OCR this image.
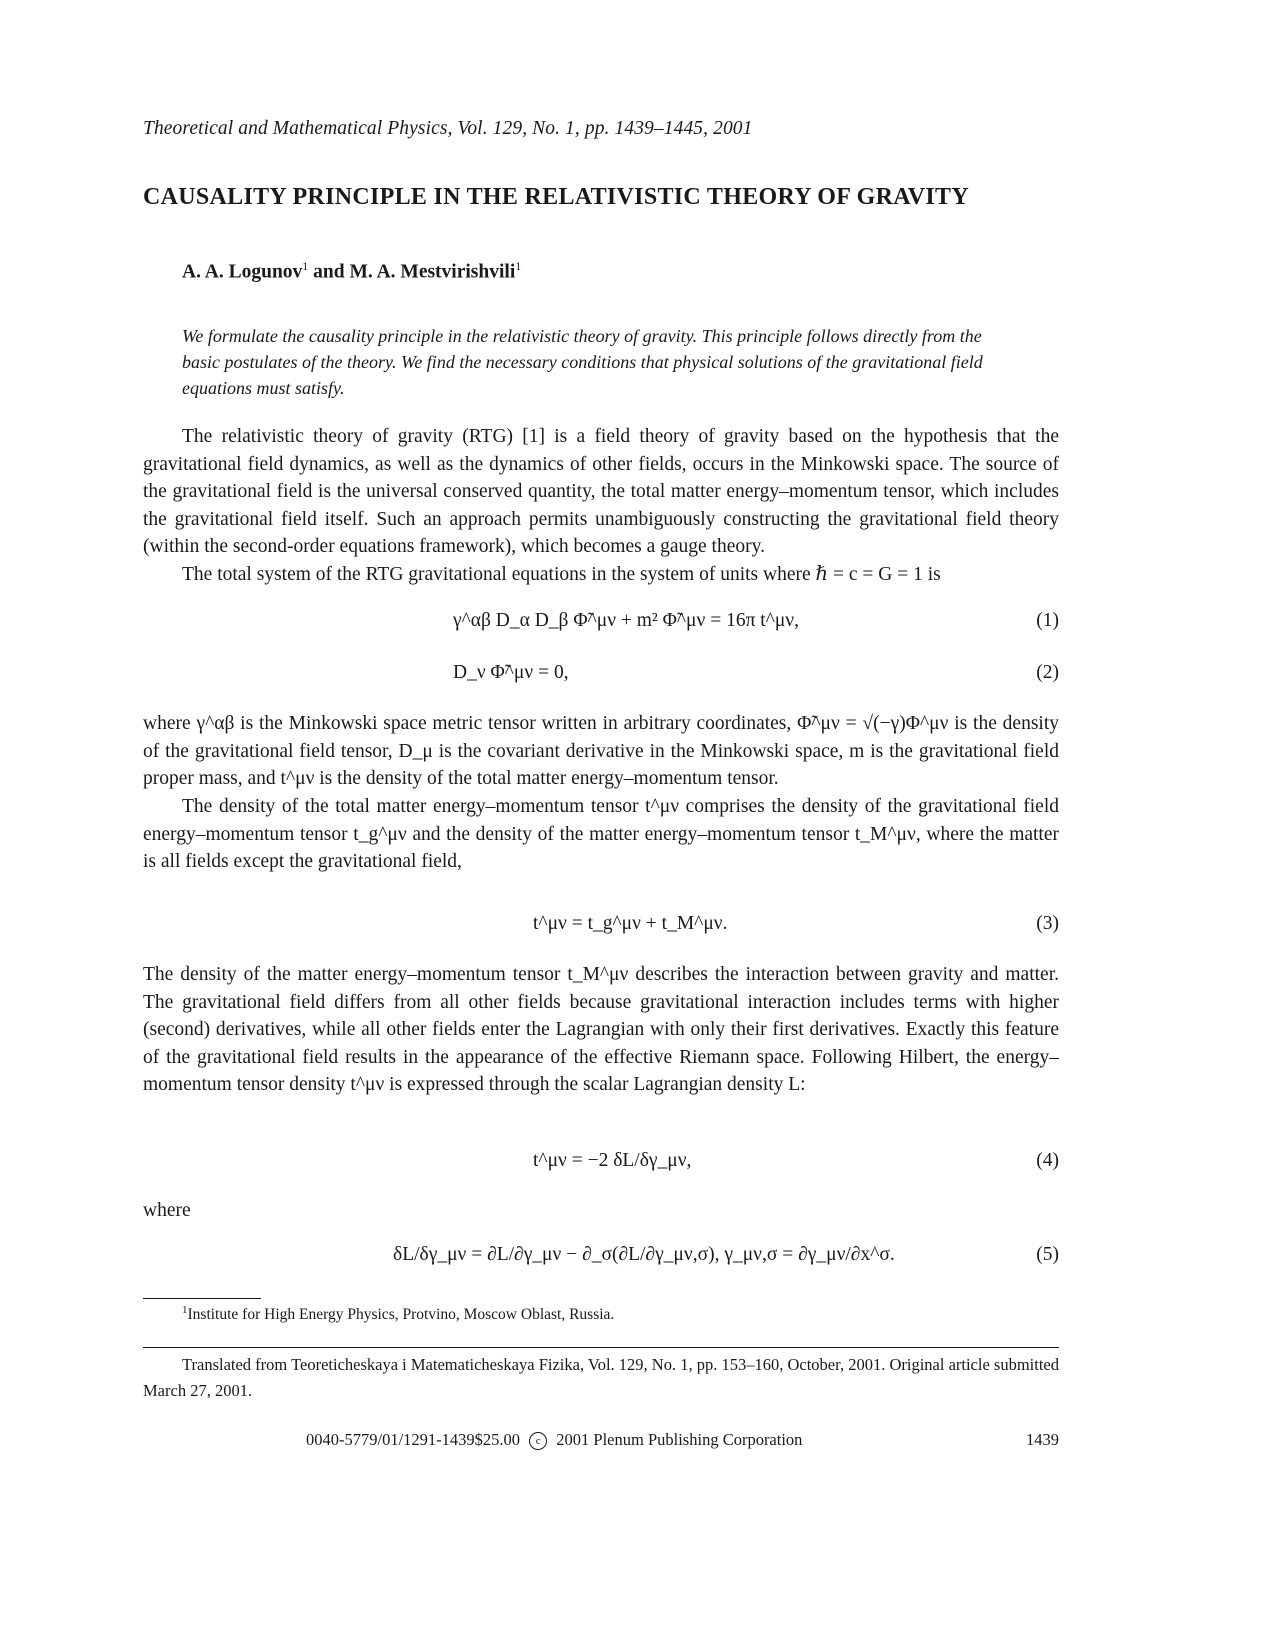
Theoretical and Mathematical Physics, Vol. 129, No. 1, pp. 1439–1445, 2001
CAUSALITY PRINCIPLE IN THE RELATIVISTIC THEORY OF GRAVITY
A. A. Logunov$^1$ and M. A. Mestvirishvili$^1$
We formulate the causality principle in the relativistic theory of gravity. This principle follows directly from the basic postulates of the theory. We find the necessary conditions that physical solutions of the gravitational field equations must satisfy.
The relativistic theory of gravity (RTG) [1] is a field theory of gravity based on the hypothesis that the gravitational field dynamics, as well as the dynamics of other fields, occurs in the Minkowski space. The source of the gravitational field is the universal conserved quantity, the total matter energy–momentum tensor, which includes the gravitational field itself. Such an approach permits unambiguously constructing the gravitational field theory (within the second-order equations framework), which becomes a gauge theory.
The total system of the RTG gravitational equations in the system of units where ℏ = c = G = 1 is
γ^αβ D_α D_β Φ̃^μν + m² Φ̃^μν = 16π t^μν,	(1)
D_ν Φ̃^μν = 0,	(2)
where γ^αβ is the Minkowski space metric tensor written in arbitrary coordinates, Φ̃^μν = √(−γ)Φ^μν is the density of the gravitational field tensor, D_μ is the covariant derivative in the Minkowski space, m is the gravitational field proper mass, and t^μν is the density of the total matter energy–momentum tensor.
The density of the total matter energy–momentum tensor t^μν comprises the density of the gravitational field energy–momentum tensor t_g^μν and the density of the matter energy–momentum tensor t_M^μν, where the matter is all fields except the gravitational field,
t^μν = t_g^μν + t_M^μν.	(3)
The density of the matter energy–momentum tensor t_M^μν describes the interaction between gravity and matter. The gravitational field differs from all other fields because gravitational interaction includes terms with higher (second) derivatives, while all other fields enter the Lagrangian with only their first derivatives. Exactly this feature of the gravitational field results in the appearance of the effective Riemann space. Following Hilbert, the energy–momentum tensor density t^μν is expressed through the scalar Lagrangian density L:
t^μν = −2 δL/δγ_μν,	(4)
where
δL/δγ_μν = ∂L/∂γ_μν − ∂_σ(∂L/∂γ_μν,σ), γ_μν,σ = ∂γ_μν/∂x^σ.	(5)
$^1$Institute for High Energy Physics, Protvino, Moscow Oblast, Russia.
Translated from Teoreticheskaya i Matematicheskaya Fizika, Vol. 129, No. 1, pp. 153–160, October, 2001. Original article submitted March 27, 2001.
0040-5779/01/1291-1439$25.00 c 2001 Plenum Publishing Corporation	1439
